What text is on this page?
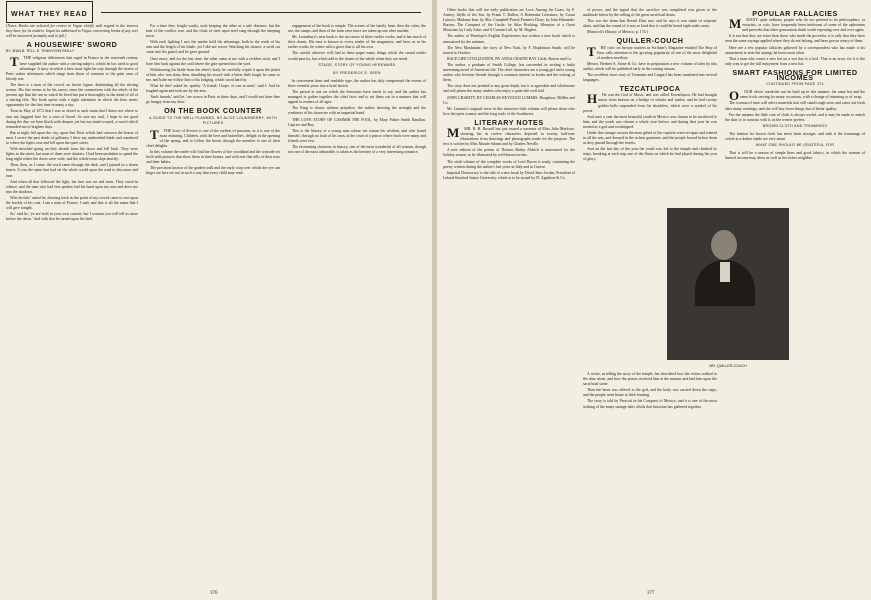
WHAT THEY READ

[Notes. Books are selected for review in Vogue chiefly with regard to the interest they have for its readers. Inquiries addressed to Vogue concerning books of any sort will be answered promptly and in full.]

A HOUSEWIFE' SWORD
BY JEAN B. TELL, E. TENNYSON REILLY

T THE religious differences that raged in France in the sixteenth century have supplied the author with a stirring subject, which he has used to good advantage. A story in which a hero must fight his way through the streets of Paris wakes adventures which range from those of romance to the grim ones of bloody war.

The hero is a man of the crowd, an heroic figure, dominating all the stirring scenes. His fate seems to be his career, since the connections with the rebels of the present age that the one in which he lived has put it thoroughly in the mind of all of a stirring title. The book opens with a night adventure in which the hero meets opportunity for the first time in many a day.

Twas in May of 1572 that I was so dosed to such strain that I knew not where to turn my haggard face for a crust of bread. As sure my soul, I hope to see good during the day, we have black with despair, yet but my mind swayed, a sword which reminded me of brighter days.

But at night fell upon the city, upon that Paris which had outworn the hearts of men, I swore the past deeds of gallantry I drew my unsheathed blade and wandered to where the lights rose and fell upon the quiet street.

With mischief going on they shrank from the doors and fell back. They were lights in the street, but none of them were shutters. I had been unshaken to spend the long night where the doors were wide, and the whole town slept heavily.

Then, then, as I came, the word came through the dark, and I paused in a dozen hearts. It was the same that had set the whole world upon the road to discourse and turn.

And when all that followed the light, his face was set and stern. They stood in silence, and the man who had first spoken laid his hand upon my arm and drew me into the shadows.

Who be this? asked he, drawing back as the point of my sword came to rest upon the buckle of his coat. I am a man of France, I said; and that is all the name that I will give tonight.

So,' said he, 'ye are bold in your own conceit; but I warrant you will tell us more before the dawn.' And with that he turned upon his heel.

For a time they fought warily, each keeping the other at a safe distance, but the heat of the conflict rose, and the clash of steel upon steel rang through the sleeping town.

With each lighting I saw the smoke hold the advantage, both in the reach of his arm and the length of his blade, yet I did not waver. Watching his chance, a swift cut came into his guard, and he gave ground.

Once more, and for the last time, the other came at me with a reckless rush, and I bore him back against the wall where the gate opened into the yard.

Withdrawing his blade from the other's body, he carefully wiped it upon the jacket of him who was slain; then, sheathing his sword with a bitter little laugh, he came to me, and bade me follow him to his lodging, which stood hard by.

What be this? asked he, quietly. 'A friend, I hope, of one in need,' said I. And he laughed again and took me by the arm.

'Such friends,' said he, 'are scarce in Paris in these days, and I would not have thee go hungry from my door.'

ON THE BOOK COUNTER
A GUIDE TO THE WELL PLANNED, BY ALICE LOUNSBERRY, WITH PICTURES

T THE lover of flowers is one of the earliest of passions, as it is one of the most enduring. Children, with the bees and butterflies, delight in the opening of the spring, and to follow the brook through the meadow is one of their chief delights.

In this volume the reader will find the flowers of the woodland and the wayside set forth with pictures that show them in their homes, and with text that tells of their uses and their habits.

The precision known of the garden walk and the early crop over which the eye can linger are here set out in such a way that every child may read.

engagement of the book is simple. The scenes of the family farm, then the cities, the sea, the camps, and then of the farm once more are taken up one after another.

Mr. Lounsbury's new book is the successor of three earlier works, and it has much of their charm. His ease is known to every reader of the magazines, and here, as in his earlier works, he writes with a grace that is all his own.

The careful observer will find in these pages many things which the casual reader would pass by, but which add to the charm of the whole when they are noted.

STAGE, STORY OF YOUNG HEREWARD
BY FREDERICK E. SEEN

In convenient form and readable type, the author has ably compressed the events of three eventful years into a brief sketch.

The period is one on which the historians have much to say, and the author has managed to gather together the chief facts and to set them out in a manner that will appeal to readers of all ages.

The King is drawn without prejudice, the author showing the strength and the weakness of his character with an impartial hand.

THE LOVE STORY OF CASIMIR THE FOOL, by Mary Fisher Smith Randlau. Caprice and Ray.

This is the history of a young man whose wit outran his wisdom, and who found himself, through no fault of his own, at the court of a prince where fools were many and friends were few.

The fascinating character in history, one of the most wonderful of all women, though not one of the most admirable, is taken as the heroine of a very interesting romance.

376

Other books that will see early publication are Love Among the Lions, by F. Anstey; Idylls of the Sea, by Frank T. Bullen; A Bohemian Literature, by Count Lutzow; Madame Izan, by Mrs. Campbell-Praed; Farmer's Diary, by John Edmunds-Burton; The Conquest of the Castle, by Silas Hocking; Memoirs of a Great Musician, by Lady Ashe; and A Curtain Call, by M. Hughes.

The author of Penelope's English Experiences has written a new book which is announced for the autumn.

The New Manhattan: the story of New York, by F. Hopkinson Smith, will be issued in October.

RACE LIFE CIVILIZATION, BY ANNA CHAPIN RAY. Little, Brown and Co.

The author, a graduate of Smith College, has succeeded in writing a fairly interesting novel of American life. The chief characters are a young girl and a young author who become friends through a common interest in books and the writing of them.

The story does not pretend to any great depth, but it is agreeable and wholesome and will please the many readers who enjoy a quiet tale well told.

JOHN CHARITY, BY CHARLES REYNOLD LUMMIS. Houghton, Mifflin and Co.

Mr. Lummis's original verse in this attractive little volume will please those who love the open country and the long trails of the Southwest.

LITERARY NOTES

M MR. R. H. Russell has just issued a souvenir of Miss Julia Marlowe, showing her in twelve characters depicted in twenty half-tone illustrations from drawings and photographs made for the purpose. The text is written by Miss Maude Adams and by Charles Neville.

A new edition of the poems of Thomas Bailey Aldrich is announced for the holiday season, to be illustrated by well-known artists.

The sixth volume of the complete works of Lord Byron is ready, containing the poetry written during the author's last years in Italy and in Greece.

Imperial Democracy is the title of a new book by David Starr Jordan, President of Leland Stanford Junior University, which is to be issued by D. Appleton & Co.

of power, and the signal that the sacrifice was completed was given to the multitude below by the rolling of the great sacrificial drum.

This was the drum that Bernal Diaz saw, and he says it was made of serpents' skins, and that the sound of it was so loud that it could be heard eight miles away.

(Bancroft's History of Mexico, p. 174.)

QUILLER-COUCH

T HE critic on literary matters in Scribner's Magazine entitled The Ship of Stars calls attention to the growing popularity of one of the most delightful of modern novelists.

Messrs. Herbert S. Stone & Co. have in preparation a new volume of tales by this author, which will be published early in the coming season.

The excellent short story of Tremaine and Lingard has been translated into several languages.

TEZCATLIPOCA

H He was the God of Music, and was called Tezcatlipoca. He had brought music from heaven on a bridge of whales and turtles; and he had twenty golden bells suspended from his shoulders, which were a symbol of his power.

And once a year the most beautiful youth in Mexico was chosen to be sacrificed to him; and the youth was chosen a whole year before, and during that year he was treated as a god and worshipped.

Under this strange custom the most gifted of the captives were set apart and trained in all the arts, and dressed in the richest garments; and the people bowed before them as they passed through the streets.

And on the last day of the year the youth was led to the temple and climbed its steps, breaking at each step one of the flutes on which he had played during his year of glory.

MR. QUILLER-COUCH

A writer, in telling the story of the temple, has described how the victim walked to the altar alone, and how the priests received him at the summit and laid him upon the sacrificial stone.

Then the heart was offered to the god, and the body was carried down the steps, and the people went home to their feasting.

The story is told by Prescott in his Conquest of Mexico, and it is one of the most striking of the many strange tales which that historian has gathered together.

POPULAR FALLACIES

M MANY quite ordinary people who do not pretend to be philosophers, or essayists, or wits, have frequently been intolerant of some of the aphorisms and proverbs that other generations think worth repeating over and over again.

It is not that they are wiser than those who made the proverbs; it is only that they have seen the same sayings applied where they do not belong, and have grown weary of them.

Here are a few popular fallacies gathered by a correspondent who has made it his amusement to note the sayings he hears most often.

That a man who wears a new hat on a wet day is a fool. That is an error, for it is the only way to get the full enjoyment from a new hat.

SMART FASHIONS FOR LIMITED INCOMES
CONTINUED FROM PAGE 374

O OUR clever wardrobe can be built up in this manner, the same hat and the same frock serving for many occasions, with a change of trimming or of wrap.

The woman of taste will select materials that will stand rough wear and come out fresh after many wearings; and she will buy fewer things but of better quality.

For the autumn the little coat of cloth is always useful, and it may be made to match the skirt or to contrast with it, as the wearer prefers.

BROWN CLOTH AND TRIMMINGS

The fashion for brown cloth has never been stronger, and with it the trimmings of velvet in a darker shade are very smart.

WHAT ONE SHOULD BE GRATEFUL FOR

That it will be a season of simple lines and good fabrics, in which the woman of limited income may dress as well as her richer neighbor.

377
